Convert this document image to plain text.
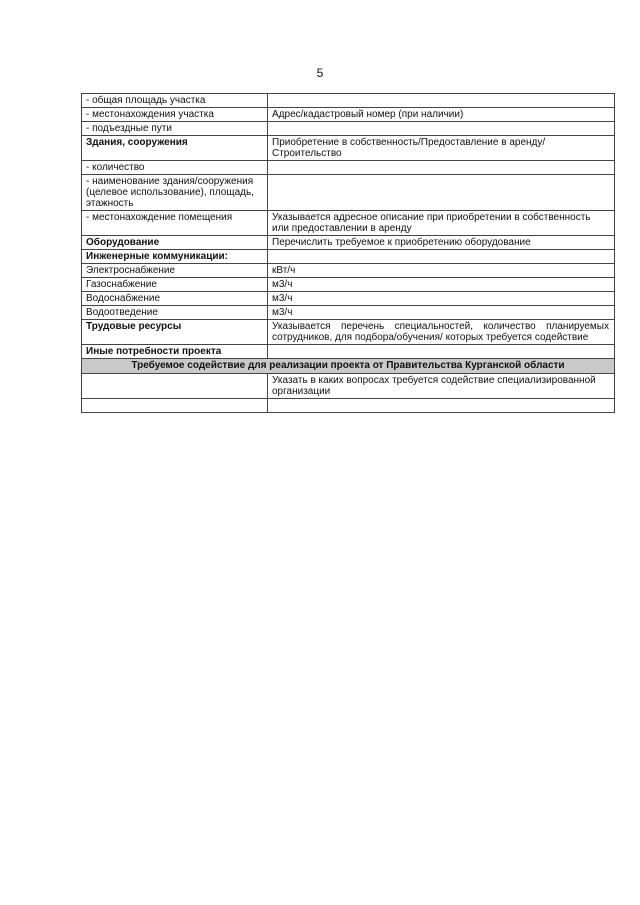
5
- общая площадь участка	
- местонахождения участка	Адрес/кадастровый номер (при наличии)
- подъездные пути	
Здания, сооружения	Приобретение в собственность/Предоставление в аренду/Строительство
- количество	
- наименование здания/сооружения (целевое использование), площадь, этажность	
- местонахождение помещения	Указывается адресное описание при приобретении в собственность или предоставлении в аренду
Оборудование	Перечислить требуемое к приобретению оборудование
Инженерные коммуникации:	
Электроснабжение	кВт/ч
Газоснабжение	м3/ч
Водоснабжение	м3/ч
Водоотведение	м3/ч
Трудовые ресурсы	Указывается перечень специальностей, количество планируемых сотрудников, для подбора/обучения/ которых требуется содействие
Иные потребности проекта	
Требуемое содействие для реализации проекта от Правительства Курганской области	
	Указать в каких вопросах требуется содействие специализированной организации
